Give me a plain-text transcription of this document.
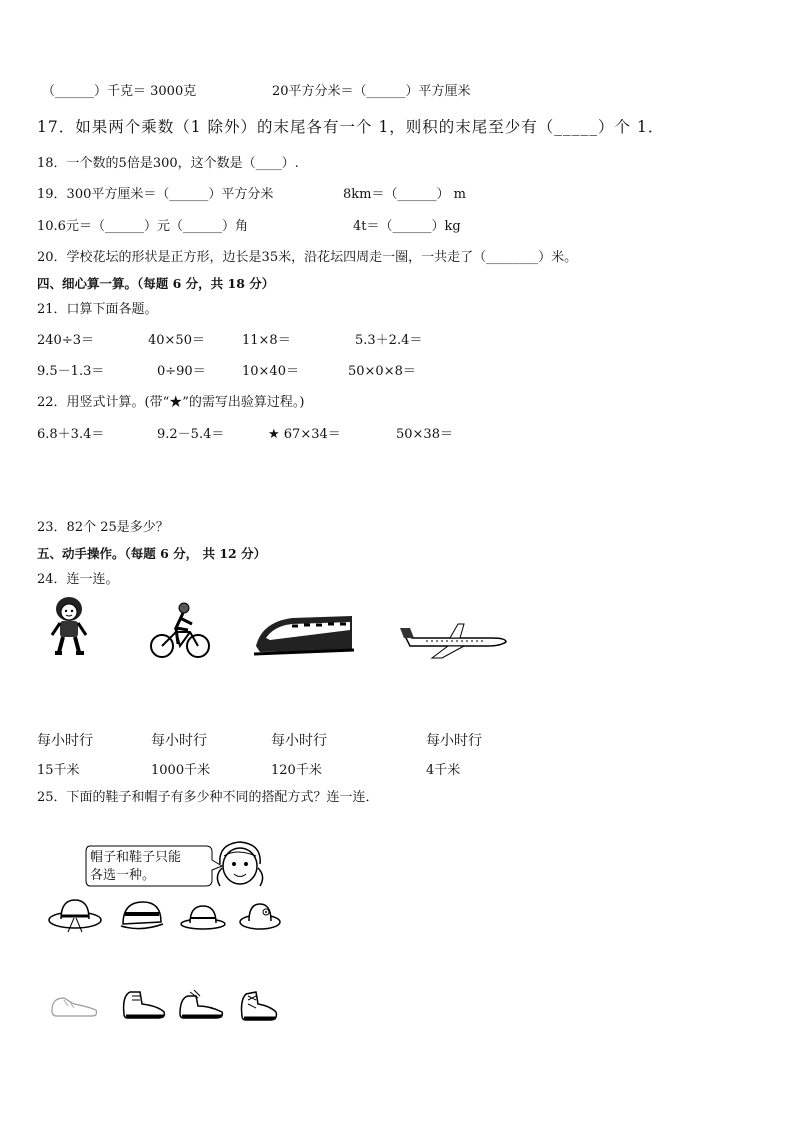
（______）千克＝ 3000克	20平方分米＝（______）平方厘米
17．如果两个乘数（1 除外）的末尾各有一个 1，则积的末尾至少有（_____）个 1．
18．一个数的5倍是300，这个数是（____）.
19．300平方厘米＝（______）平方分米	8km＝（______） m
10.6元＝（______）元（______）角	4t＝（______）kg
20．学校花坛的形状是正方形，边长是35米，沿花坛四周走一圈，一共走了（________）米。
四、细心算一算。（每题 6 分，共 18 分）
21．口算下面各题。
240÷3＝	40×50＝	11×8＝	5.3＋2.4＝
9.5－1.3＝	0÷90＝	10×40＝	50×0×8＝
22．用竖式计算。(带“★”的需写出验算过程。)
6.8＋3.4＝	9.2－5.4＝	★ 67×34＝	50×38＝
23．82个 25是多少？
五、动手操作。（每题 6 分， 共 12 分）
24．连一连。
每小时行	每小时行	每小时行	每小时行
15千米	1000千米	120千米	4千米
25．下面的鞋子和帽子有多少种不同的搭配方式？连一连．
帽子和鞋子只能
各选一种。
